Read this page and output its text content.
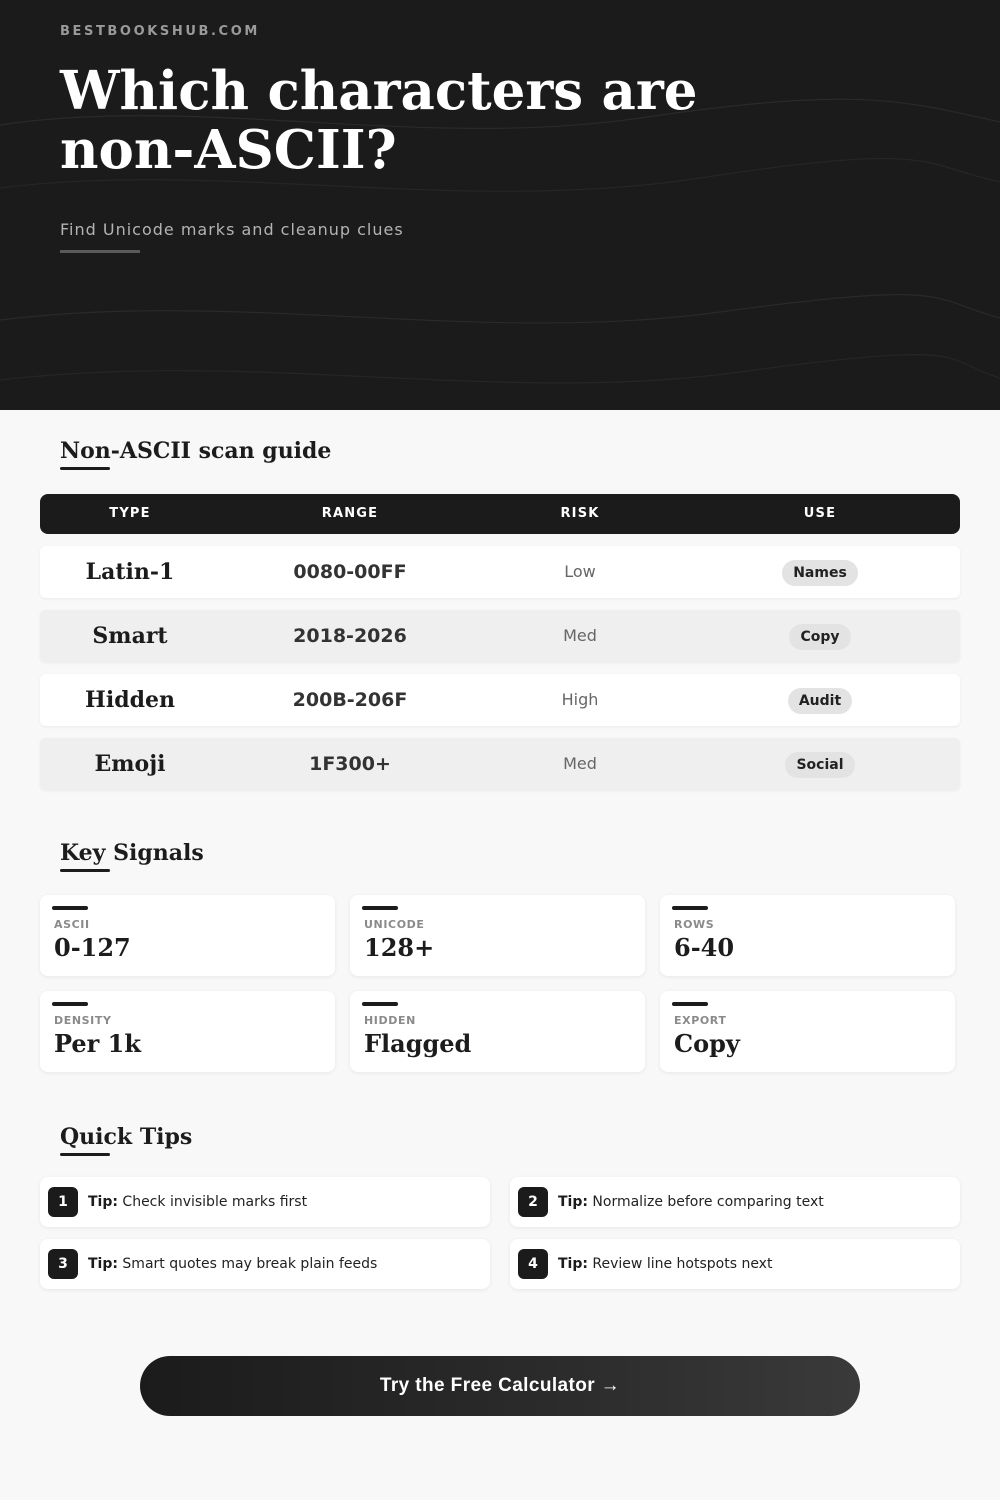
BESTBOOKSHUB.COM
Which characters are
non-ASCII?
Find Unicode marks and cleanup clues
Non-ASCII scan guide
TYPE	RANGE	RISK	USE
Latin-1	0080-00FF	Low	Names
Smart	2018-2026	Med	Copy
Hidden	200B-206F	High	Audit
Emoji	1F300+	Med	Social
Key Signals
ASCII
0-127
UNICODE
128+
ROWS
6-40
DENSITY
Per 1k
HIDDEN
Flagged
EXPORT
Copy
Quick Tips
1	Tip: Check invisible marks first	2	Tip: Normalize before comparing text
3	Tip: Smart quotes may break plain feeds	4	Tip: Review line hotspots next
Try the Free Calculator →
